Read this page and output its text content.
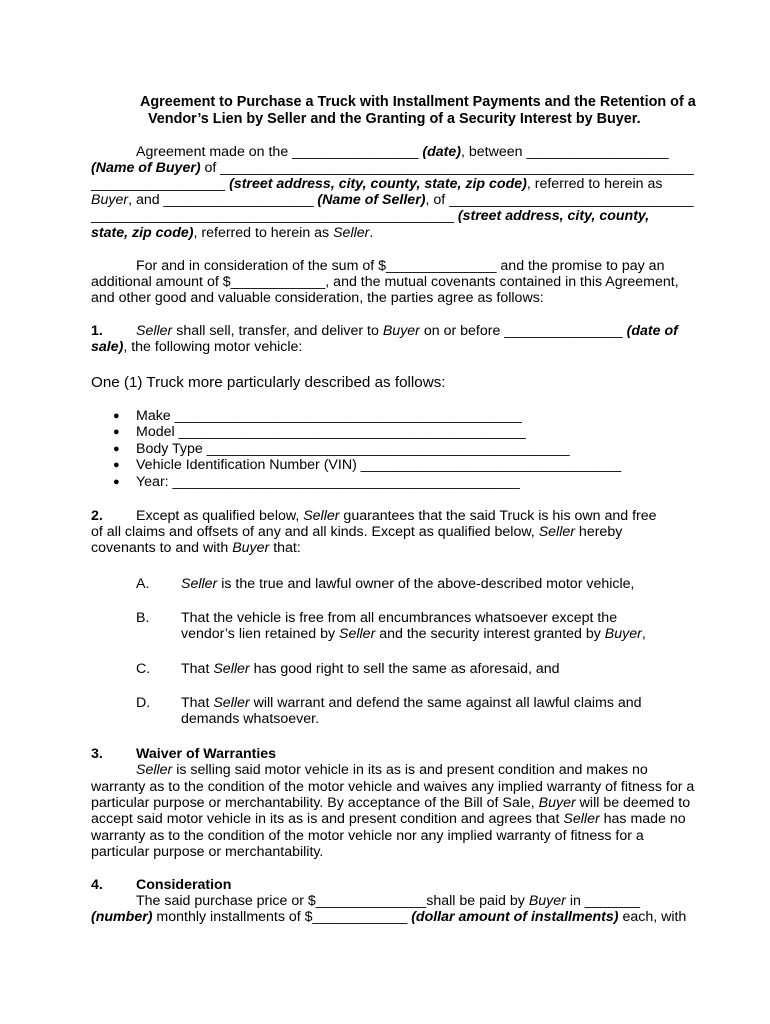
Agreement to Purchase a Truck with Installment Payments and the Retention of a
Vendor’s Lien by Seller and the Granting of a Security Interest by Buyer.
Agreement made on the ________________ (date), between __________________
(Name of Buyer) of ____________________________________________________________
_________________ (street address, city, county, state, zip code), referred to herein as
Buyer, and ___________________ (Name of Seller), of _______________________________
______________________________________________ (street address, city, county,
state, zip code), referred to herein as Seller.
For and in consideration of the sum of $______________ and the promise to pay an
additional amount of $____________, and the mutual covenants contained in this Agreement,
and other good and valuable consideration, the parties agree as follows:
1. Seller shall sell, transfer, and deliver to Buyer on or before _______________ (date of
sale), the following motor vehicle:
One (1) Truck more particularly described as follows:
● Make ____________________________________________
● Model ____________________________________________
● Body Type ______________________________________________
● Vehicle Identification Number (VIN) _________________________________
● Year: ____________________________________________
2. Except as qualified below, Seller guarantees that the said Truck is his own and free
of all claims and offsets of any and all kinds. Except as qualified below, Seller hereby
covenants to and with Buyer that:
A. Seller is the true and lawful owner of the above-described motor vehicle,
B. That the vehicle is free from all encumbrances whatsoever except the
vendor’s lien retained by Seller and the security interest granted by Buyer,
C. That Seller has good right to sell the same as aforesaid, and
D. That Seller will warrant and defend the same against all lawful claims and
demands whatsoever.
3. Waiver of Warranties
Seller is selling said motor vehicle in its as is and present condition and makes no
warranty as to the condition of the motor vehicle and waives any implied warranty of fitness for a
particular purpose or merchantability. By acceptance of the Bill of Sale, Buyer will be deemed to
accept said motor vehicle in its as is and present condition and agrees that Seller has made no
warranty as to the condition of the motor vehicle nor any implied warranty of fitness for a
particular purpose or merchantability.
4. Consideration
The said purchase price or $______________shall be paid by Buyer in _______
(number) monthly installments of $____________ (dollar amount of installments) each, with
